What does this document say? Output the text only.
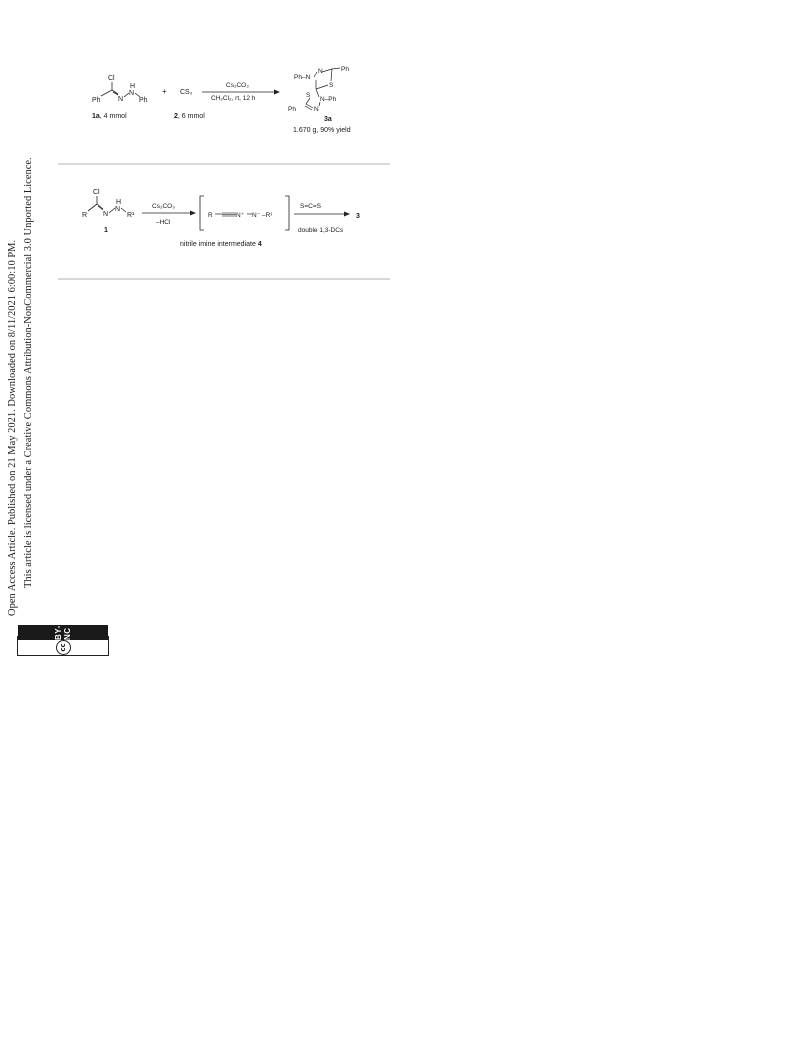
Open Access Article. Published on 21 May 2021. Downloaded on 8/11/2021 6:00:10 PM. This article is licensed under a Creative Commons Attribution-NonCommercial 3.0 Unported Licence.
cc
BY-NC
Cl
Ph N
H
N
Ph
1a, 4 mmol
+ CS₂
2, 6 mmol
Cs₂CO₃
CH₂Cl₂, rt, 12 h
Ph
N
Ph–N
S
S
N–Ph
Ph	N
3a
1.670 g, 90% yield
Cl
R N
H
N
R¹
1
Cs₂CO₃
–HCl
R	N⁺ N⁻ –R¹
nitrile imine intermediate 4
S=C=S
double 1,3-DCs
3
